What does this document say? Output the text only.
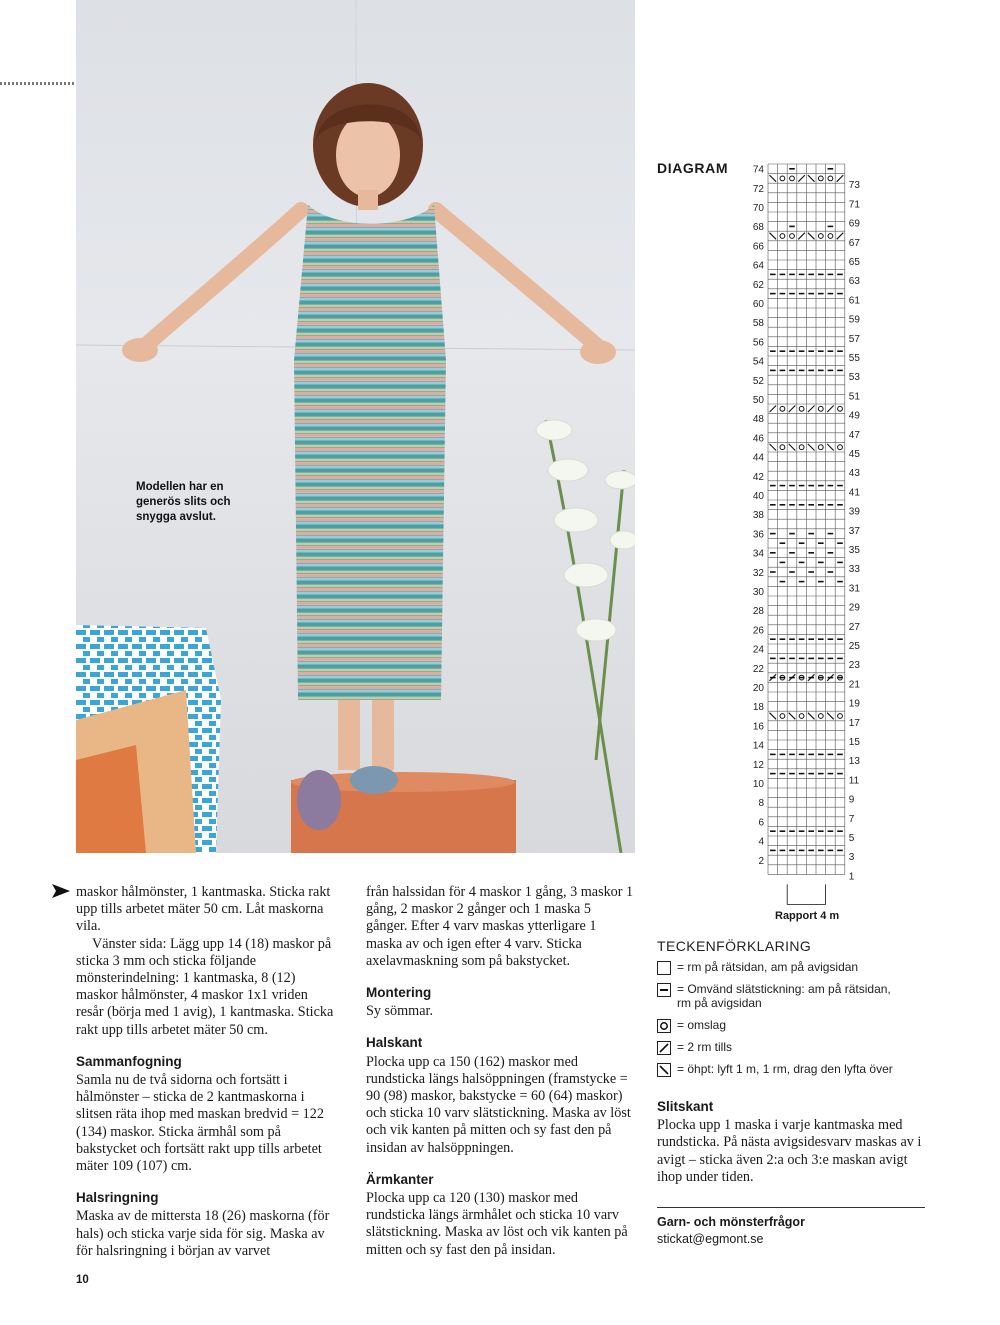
Modellen har en generös slits och snygga avslut.

maskor hålmönster, 1 kantmaska. Sticka rakt upp tills arbetet mäter 50 cm. Låt maskorna vila.

Vänster sida: Lägg upp 14 (18) maskor på sticka 3 mm och sticka följande mönsterindelning: 1 kantmaska, 8 (12) maskor hålmönster, 4 maskor 1x1 vriden resår (börja med 1 avig), 1 kantmaska. Sticka rakt upp tills arbetet mäter 50 cm.

Sammanfogning

Samla nu de två sidorna och fortsätt i hålmönster – sticka de 2 kantmaskorna i slitsen räta ihop med maskan bredvid = 122 (134) maskor. Sticka ärmhål som på bakstycket och fortsätt rakt upp tills arbetet mäter 109 (107) cm.

Halsringning

Maska av de mittersta 18 (26) maskorna (för hals) och sticka varje sida för sig. Maska av för halsringning i början av varvet

från halssidan för 4 maskor 1 gång, 3 maskor 1 gång, 2 maskor 2 gånger och 1 maska 5 gånger. Efter 4 varv maskas ytterligare 1 maska av och igen efter 4 varv. Sticka axelavmaskning som på bakstycket.

Montering

Sy sömmar.

Halskant

Plocka upp ca 150 (162) maskor med rundsticka längs halsöppningen (framstycke = 90 (98) maskor, bakstycke = 60 (64) maskor) och sticka 10 varv slätstickning. Maska av löst och vik kanten på mitten och sy fast den på insidan av halsöppningen.

Ärmkanter

Plocka upp ca 120 (130) maskor med rundsticka längs ärmhålet och sticka 10 varv slätstickning. Maska av löst och vik kanten på mitten och sy fast den på insidan.

DIAGRAM 74
72
70
68
66
64
62
60
58
56
54
52
50
48
46
44
42
40
38
36
34
32
30
28
26
24
22
20
18
16
14
12
10
8
6
4
2
73
71
69
67
65
63
61
59
57
55
53
51
49
47
45
43
41
39
37
35
33
31
29
27
25
23
21
19
17
15
13
11
9
7
5
3
1
Rapport 4 m
TECKENFÖRKLARING
= rm på rätsidan, am på avigsidan
= Omvänd slätstickning: am på rätsidan,
rm på avigsidan
= omslag
= 2 rm tills
= öhpt: lyft 1 m, 1 rm, drag den lyfta över
Slitskant

Plocka upp 1 maska i varje kantmaska med rundsticka. På nästa avigsidesvarv maskas av i avigt – sticka även 2:a och 3:e maskan avigt ihop under tiden.

Garn- och mönsterfrågor
stickat@egmont.se
10
